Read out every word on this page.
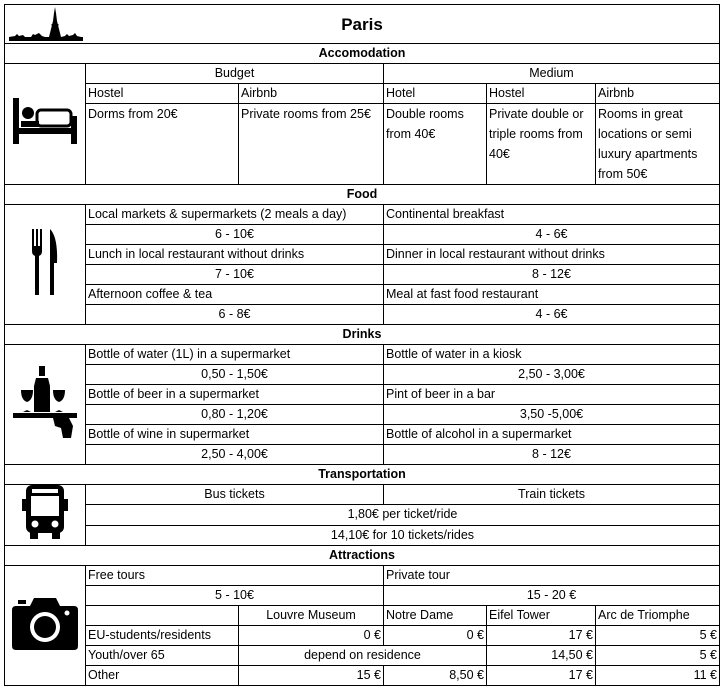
Paris					
Accomodation					
	Budget		Medium		
	Hostel	Airbnb	Hotel	Hostel	Airbnb
	Dorms from 20€	Private rooms from 25€	Double rooms from 40€	Private double or triple rooms from 40€	Rooms in great locations or semi luxury apartments from 50€
Food					
	Local markets & supermarkets (2 meals a day)		Continental breakfast		
	6 - 10€		4 - 6€		
	Lunch in local restaurant without drinks		Dinner in local restaurant without drinks		
	7 - 10€		8 - 12€		
	Afternoon coffee & tea		Meal at fast food restaurant		
	6 - 8€		4 - 6€		
Drinks					
	Bottle of water (1L) in a supermarket		Bottle of water in a kiosk		
	0,50 - 1,50€		2,50 - 3,00€		
	Bottle of beer in a supermarket		Pint of beer in a bar		
	0,80 - 1,20€		3,50 -5,00€		
	Bottle of wine in supermarket		Bottle of alcohol in a supermarket		
	2,50 - 4,00€		8 - 12€		
Transportation					
	Bus tickets		Train tickets		
	1,80€ per ticket/ride				
	14,10€ for 10 tickets/rides				
Attractions					
	Free tours		Private tour		
	5 - 10€		15 - 20 €		
		Louvre Museum	Notre Dame	Eifel Tower	Arc de Triomphe
	EU-students/residents	0 €	0 €	17 €	5 €
	Youth/over 65	depend on residence		14,50 €	5 €
	Other	15 €	8,50 €	17 €	11 €
